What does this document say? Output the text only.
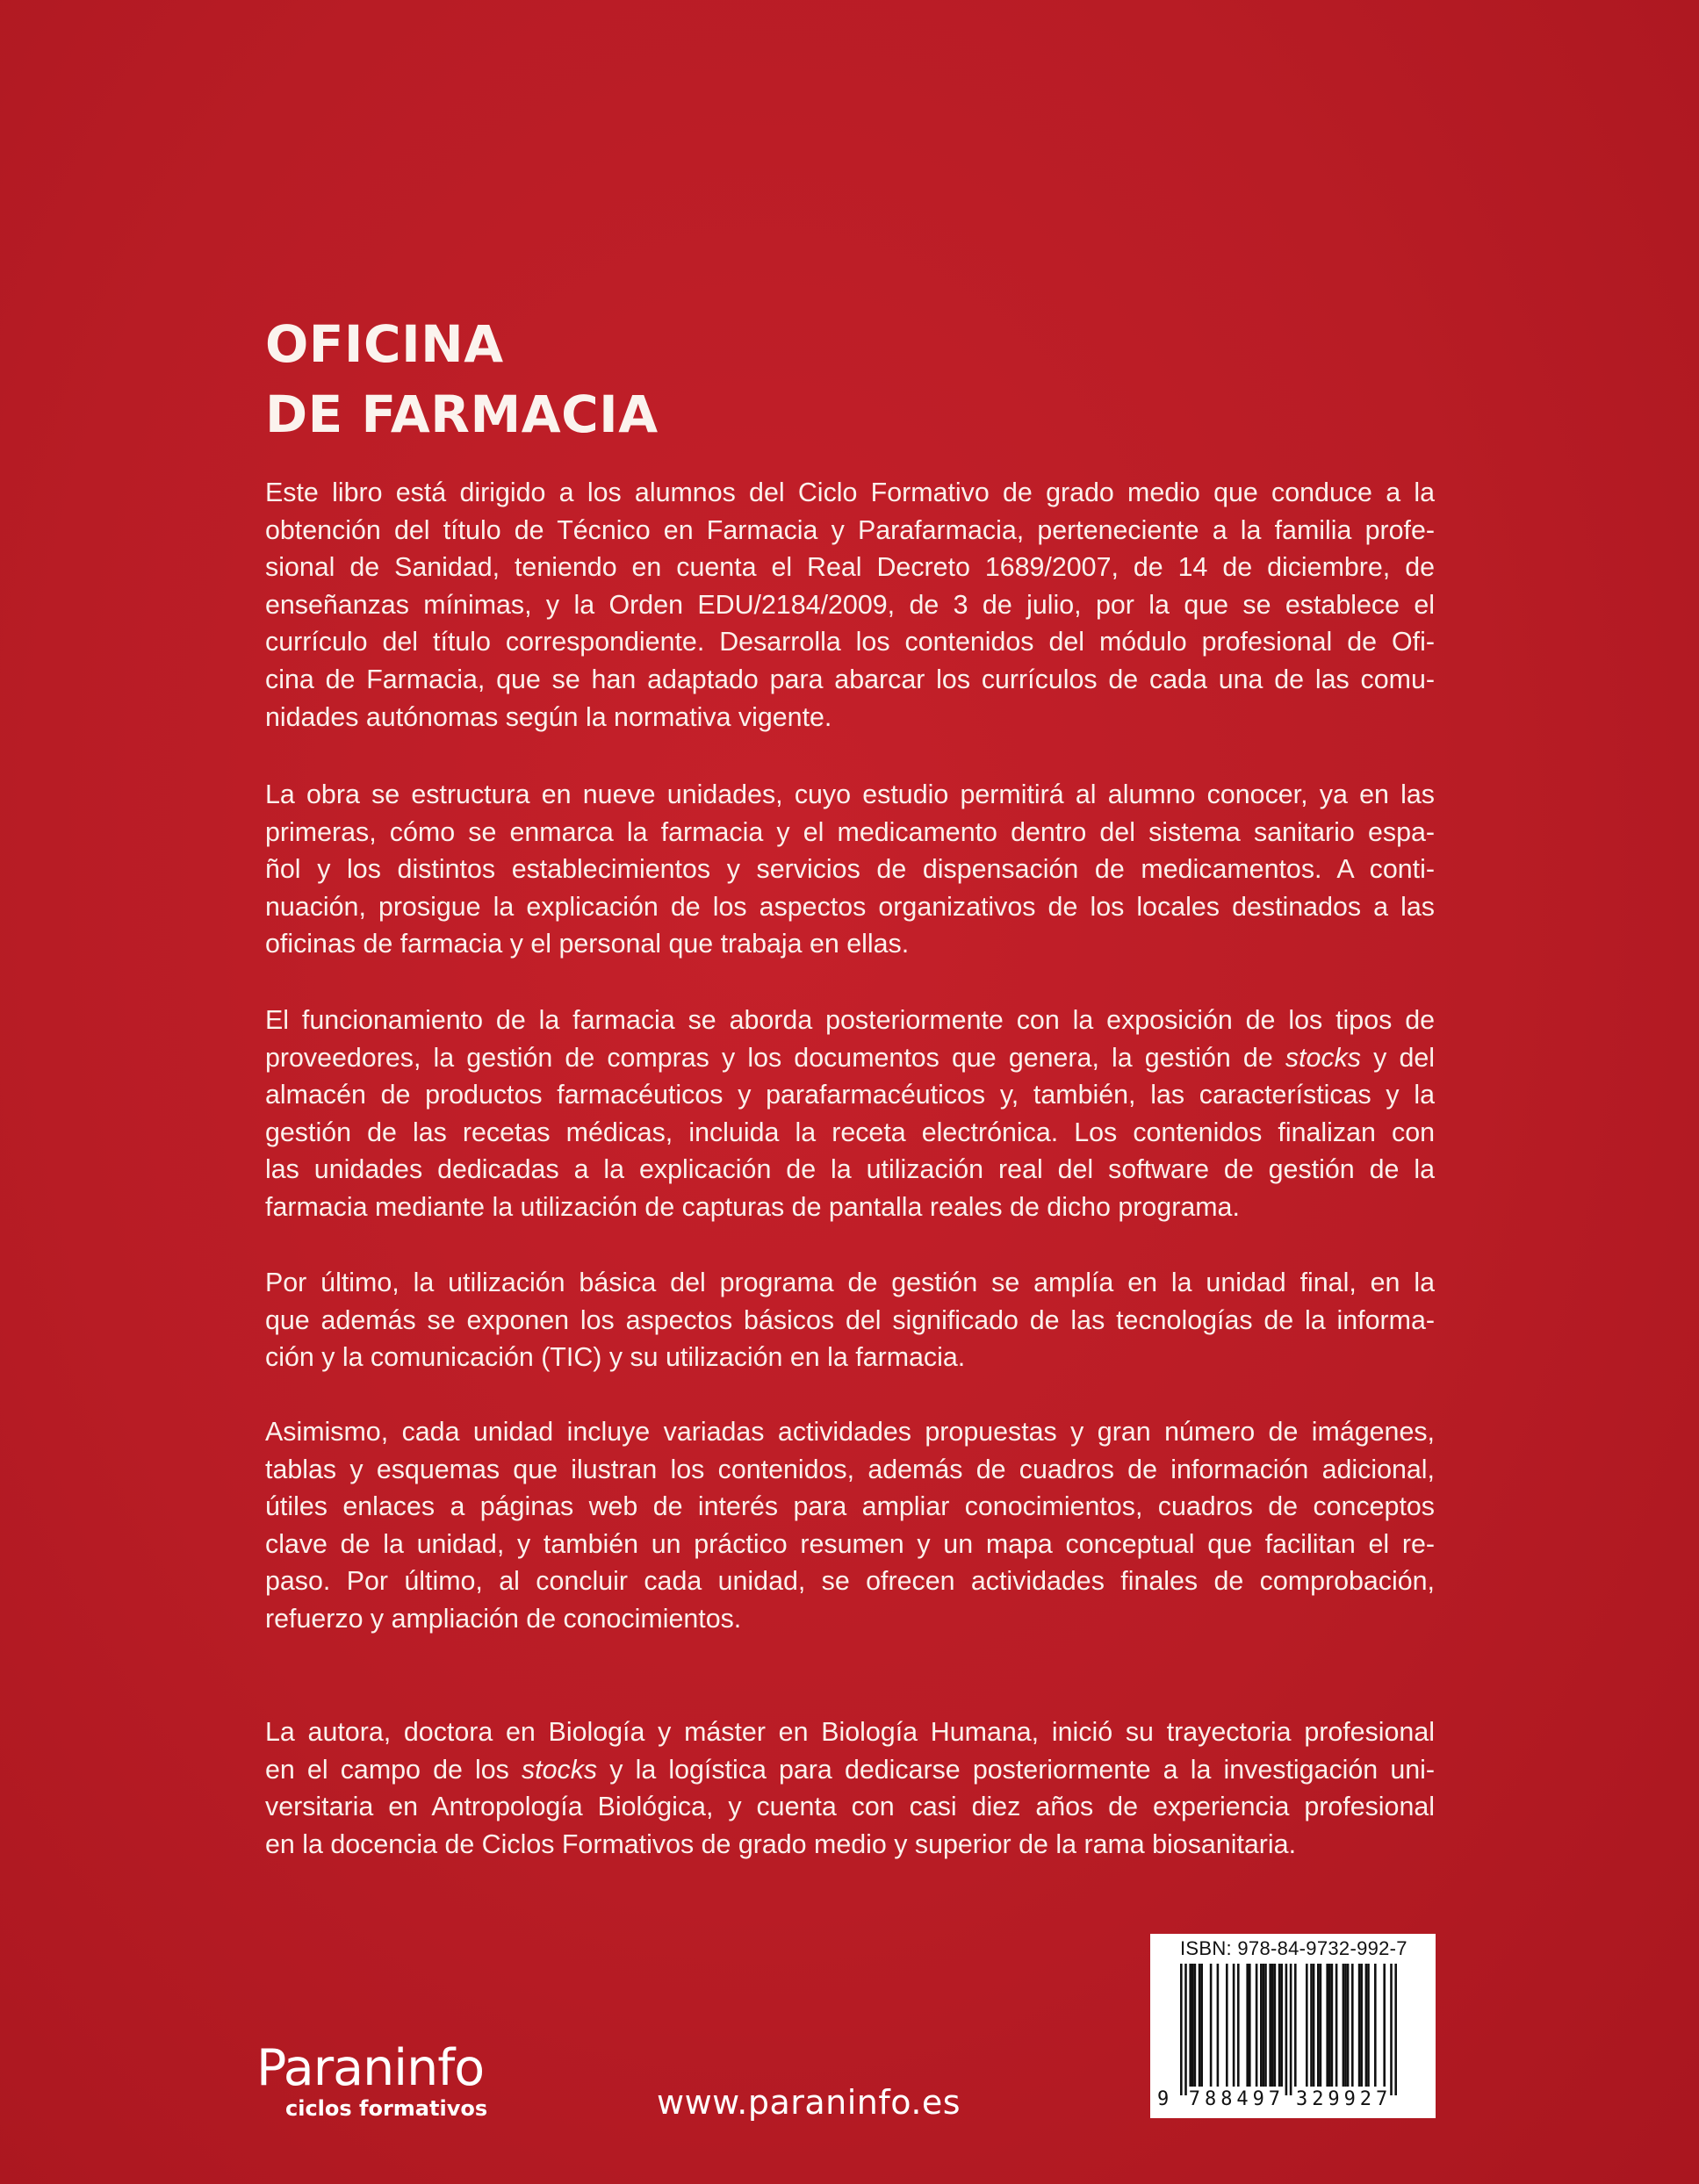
OFICINA
DE FARMACIA

Este libro está dirigido a los alumnos del Ciclo Formativo de grado medio que conduce a la
obtención del título de Técnico en Farmacia y Parafarmacia, perteneciente a la familia profe-
sional de Sanidad, teniendo en cuenta el Real Decreto 1689/2007, de 14 de diciembre, de
enseñanzas mínimas, y la Orden EDU/2184/2009, de 3 de julio, por la que se establece el
currículo del título correspondiente. Desarrolla los contenidos del módulo profesional de Ofi-
cina de Farmacia, que se han adaptado para abarcar los currículos de cada una de las comu-
nidades autónomas según la normativa vigente.

La obra se estructura en nueve unidades, cuyo estudio permitirá al alumno conocer, ya en las
primeras, cómo se enmarca la farmacia y el medicamento dentro del sistema sanitario espa-
ñol y los distintos establecimientos y servicios de dispensación de medicamentos. A conti-
nuación, prosigue la explicación de los aspectos organizativos de los locales destinados a las
oficinas de farmacia y el personal que trabaja en ellas.

El funcionamiento de la farmacia se aborda posteriormente con la exposición de los tipos de
proveedores, la gestión de compras y los documentos que genera, la gestión de stocks y del
almacén de productos farmacéuticos y parafarmacéuticos y, también, las características y la
gestión de las recetas médicas, incluida la receta electrónica. Los contenidos finalizan con
las unidades dedicadas a la explicación de la utilización real del software de gestión de la
farmacia mediante la utilización de capturas de pantalla reales de dicho programa.

Por último, la utilización básica del programa de gestión se amplía en la unidad final, en la
que además se exponen los aspectos básicos del significado de las tecnologías de la informa-
ción y la comunicación (TIC) y su utilización en la farmacia.

Asimismo, cada unidad incluye variadas actividades propuestas y gran número de imágenes,
tablas y esquemas que ilustran los contenidos, además de cuadros de información adicional,
útiles enlaces a páginas web de interés para ampliar conocimientos, cuadros de conceptos
clave de la unidad, y también un práctico resumen y un mapa conceptual que facilitan el re-
paso. Por último, al concluir cada unidad, se ofrecen actividades finales de comprobación,
refuerzo y ampliación de conocimientos.

La autora, doctora en Biología y máster en Biología Humana, inició su trayectoria profesional
en el campo de los stocks y la logística para dedicarse posteriormente a la investigación uni-
versitaria en Antropología Biológica, y cuenta con casi diez años de experiencia profesional
en la docencia de Ciclos Formativos de grado medio y superior de la rama biosanitaria.

Paraninfo
ciclos formativos	www.paraninfo.es
ISBN: 978-84-9732-992-7
9 7 8 8 4 9 7 3 2 9 9 2 7
